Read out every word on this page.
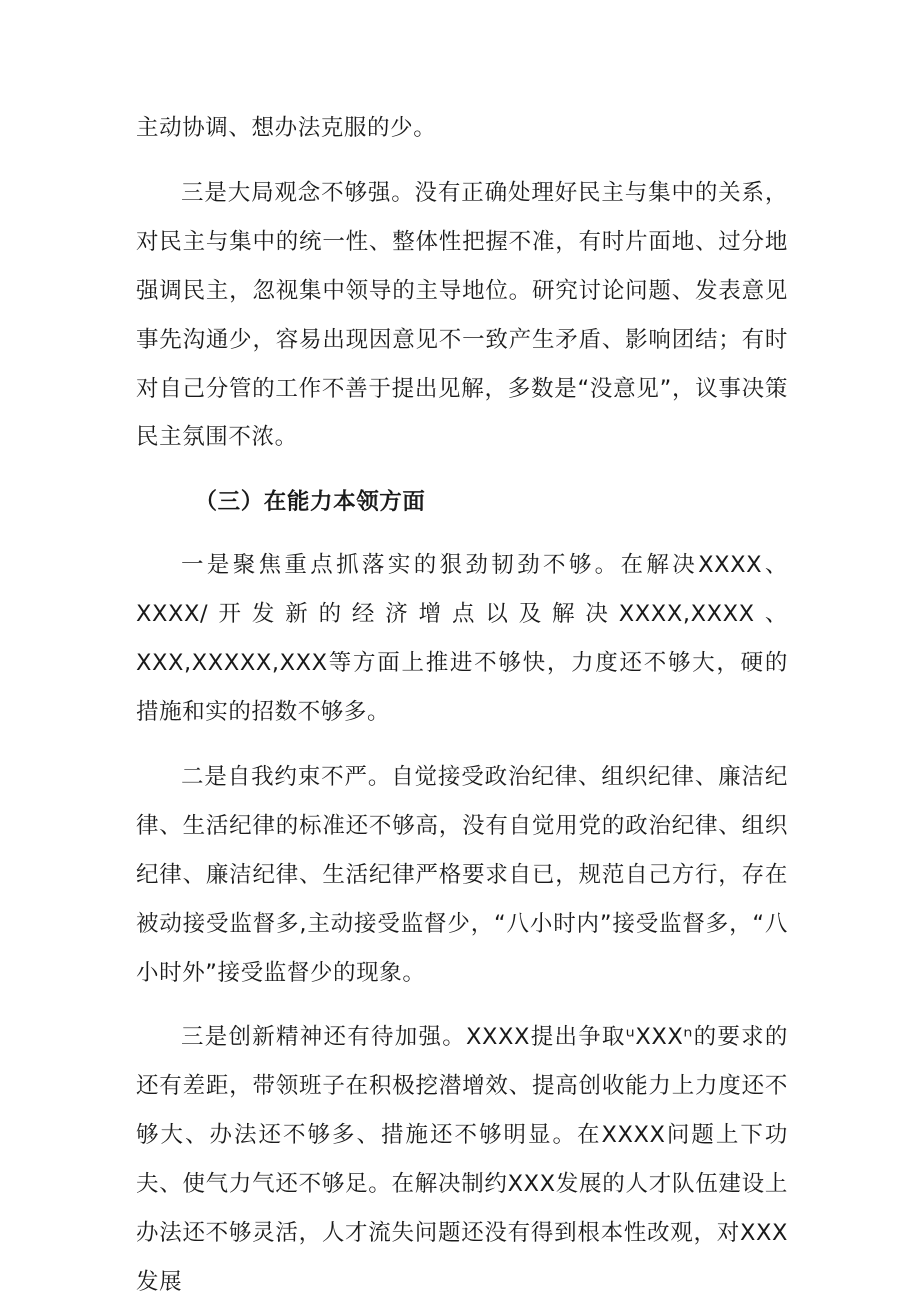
主动协调、想办法克服的少。

三是大局观念不够强。没有正确处理好民主与集中的关系，对民主与集中的统一性、整体性把握不准，有时片面地、过分地强调民主，忽视集中领导的主导地位。研究讨论问题、发表意见事先沟通少，容易出现因意见不一致产生矛盾、影响团结；有时对自己分管的工作不善于提出见解，多数是“没意见”，议事决策民主氛围不浓。

（三）在能力本领方面

一是聚焦重点抓落实的狠劲韧劲不够。在解决XXXX、XXXX/开发新的经济增点以及解决XXXX,XXXX、XXX,XXXXX,XXX等方面上推进不够快，力度还不够大，硬的措施和实的招数不够多。

二是自我约束不严。自觉接受政治纪律、组织纪律、廉洁纪律、生活纪律的标准还不够高，没有自觉用党的政治纪律、组织纪律、廉洁纪律、生活纪律严格要求自已，规范自己方行，存在被动接受监督多,主动接受监督少，“八小时内”接受监督多，“八小时外”接受监督少的现象。

三是创新精神还有待加强。XXXX提出争取ᵘXXXⁿ的要求的还有差距，带领班子在积极挖潜增效、提高创收能力上力度还不够大、办法还不够多、措施还不够明显。在XXXX问题上下功夫、使气力气还不够足。在解决制约XXX发展的人才队伍建设上办法还不够灵活，人才流失问题还没有得到根本性改观，对XXX发展
